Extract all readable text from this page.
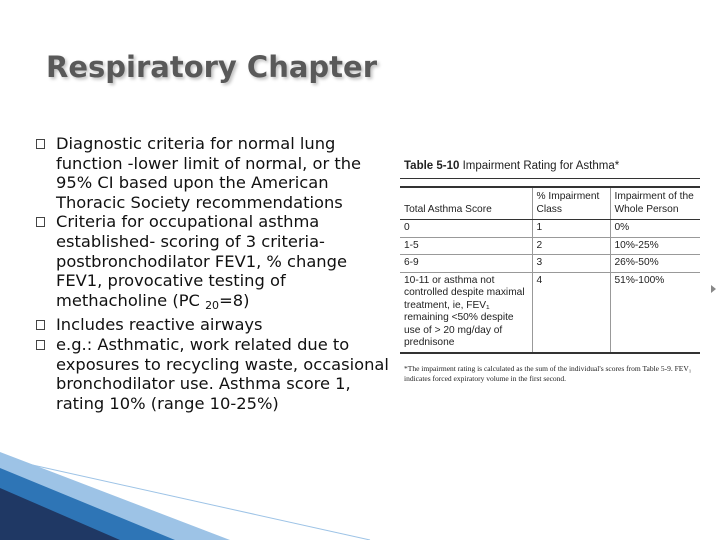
Respiratory Chapter
Diagnostic criteria for normal lung function -lower limit of normal, or the 95% CI based upon the American Thoracic Society recommendations
Criteria for occupational asthma established- scoring of 3 criteria- postbronchodilator FEV1, % change FEV1, provocative testing of methacholine (PC $_{20}$=8)
Includes reactive airways
e.g.: Asthmatic, work related due to exposures to recycling waste, occasional bronchodilator use. Asthma score 1, rating 10% (range 10-25%)
Table 5-10 Impairment Rating for Asthma*
Total Asthma Score	% Impairment Class	Impairment of the Whole Person
0	1	0%
1-5	2	10%-25%
6-9	3	26%-50%
10-11 or asthma not controlled despite maximal treatment, ie, FEV₁ remaining <50% despite use of > 20 mg/day of prednisone	4	51%-100%
*The impairment rating is calculated as the sum of the individual's scores from Table 5-9. FEV₁ indicates forced expiratory volume in the first second.
